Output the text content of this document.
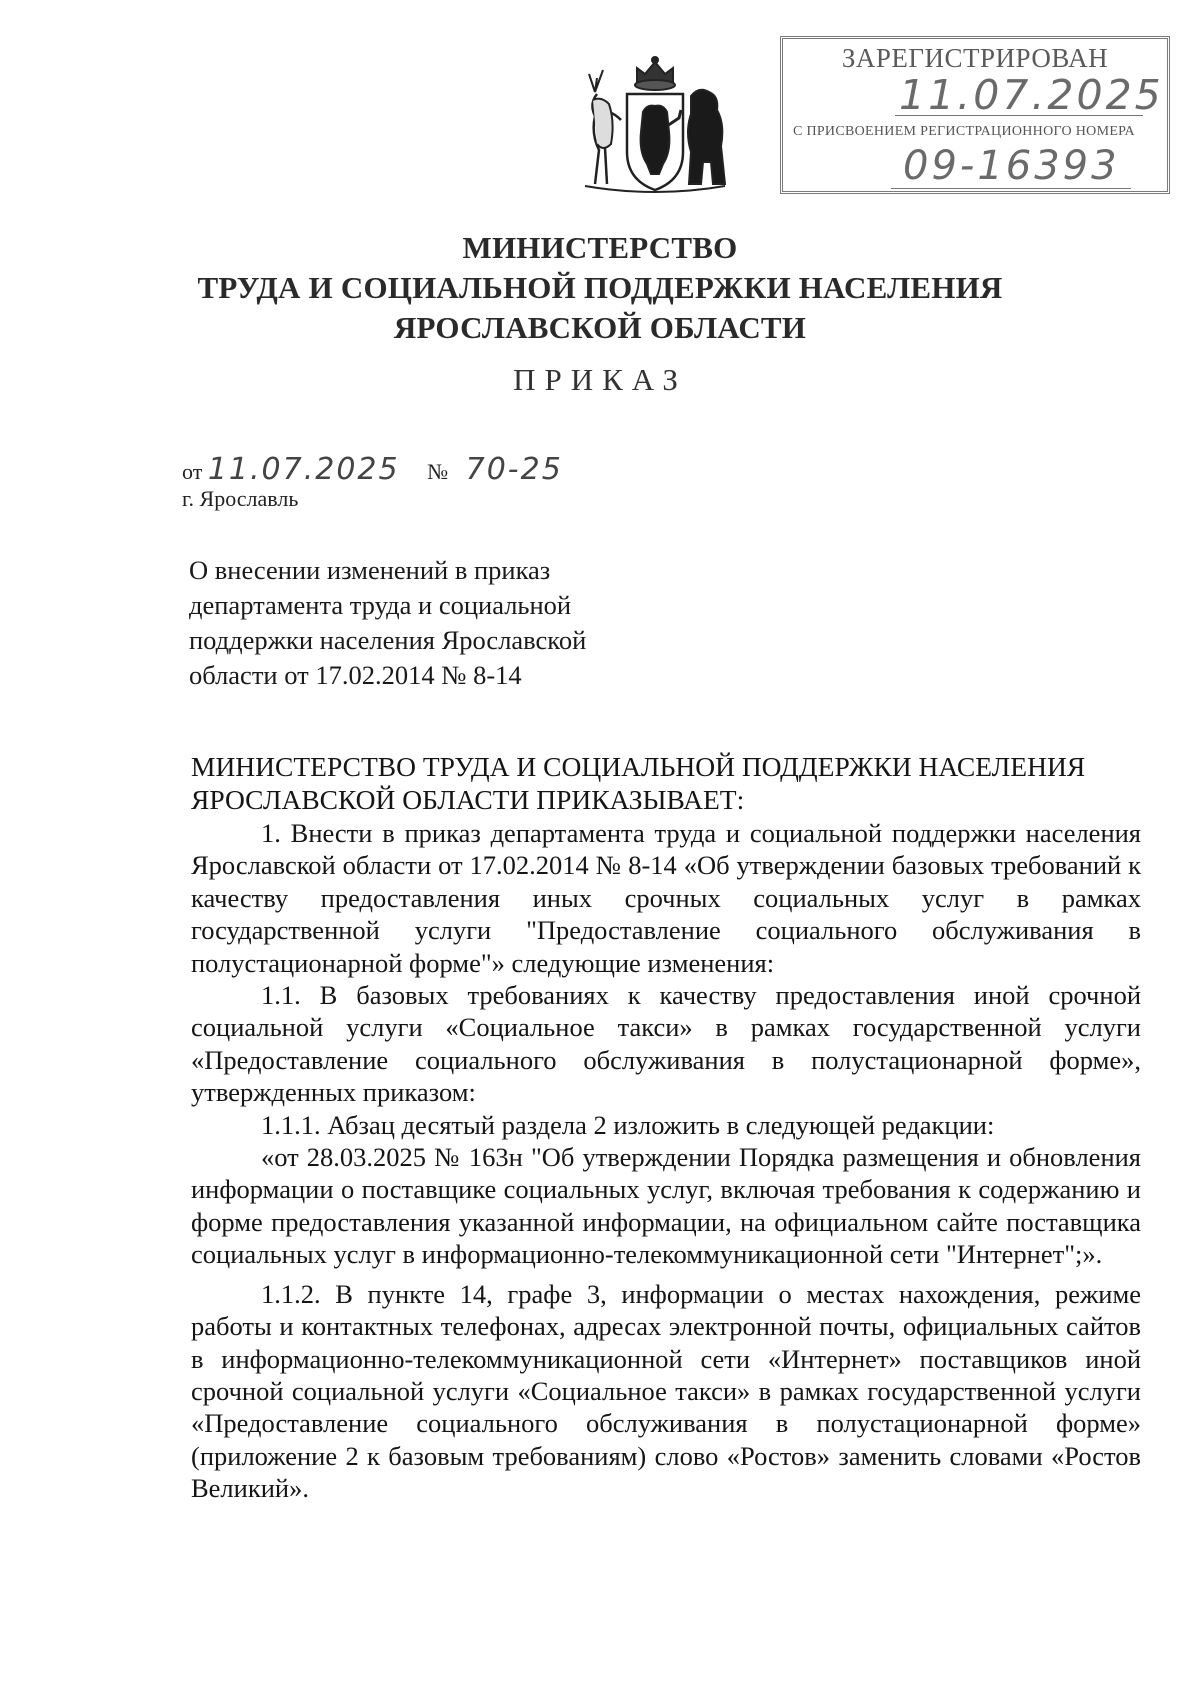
ЗАРЕГИСТРИРОВАН
11.07.2025
С ПРИСВОЕНИЕМ РЕГИСТРАЦИОННОГО НОМЕРА
09-16393
МИНИСТЕРСТВО
ТРУДА И СОЦИАЛЬНОЙ ПОДДЕРЖКИ НАСЕЛЕНИЯ
ЯРОСЛАВСКОЙ ОБЛАСТИ
ПРИКАЗ
от 11.07.2025 № 70-25
г. Ярославль
О внесении изменений в приказ
департамента труда и социальной
поддержки населения Ярославской
области от 17.02.2014 № 8-14
МИНИСТЕРСТВО ТРУДА И СОЦИАЛЬНОЙ ПОДДЕРЖКИ НАСЕЛЕНИЯ ЯРОСЛАВСКОЙ ОБЛАСТИ ПРИКАЗЫВАЕТ:

1. Внести в приказ департамента труда и социальной поддержки населения Ярославской области от 17.02.2014 № 8-14 «Об утверждении базовых требований к качеству предоставления иных срочных социальных услуг в рамках государственной услуги "Предоставление социального обслуживания в полустационарной форме"» следующие изменения:

1.1. В базовых требованиях к качеству предоставления иной срочной социальной услуги «Социальное такси» в рамках государственной услуги «Предоставление социального обслуживания в полустационарной форме», утвержденных приказом:

1.1.1. Абзац десятый раздела 2 изложить в следующей редакции:

«от 28.03.2025 № 163н "Об утверждении Порядка размещения и обновления информации о поставщике социальных услуг, включая требования к содержанию и форме предоставления указанной информации, на официальном сайте поставщика социальных услуг в информационно-телекоммуникационной сети "Интернет";».

1.1.2. В пункте 14, графе 3, информации о местах нахождения, режиме работы и контактных телефонах, адресах электронной почты, официальных сайтов в информационно-телекоммуникационной сети «Интернет» поставщиков иной срочной социальной услуги «Социальное такси» в рамках государственной услуги «Предоставление социального обслуживания в полустационарной форме» (приложение 2 к базовым требованиям) слово «Ростов» заменить словами «Ростов Великий».
